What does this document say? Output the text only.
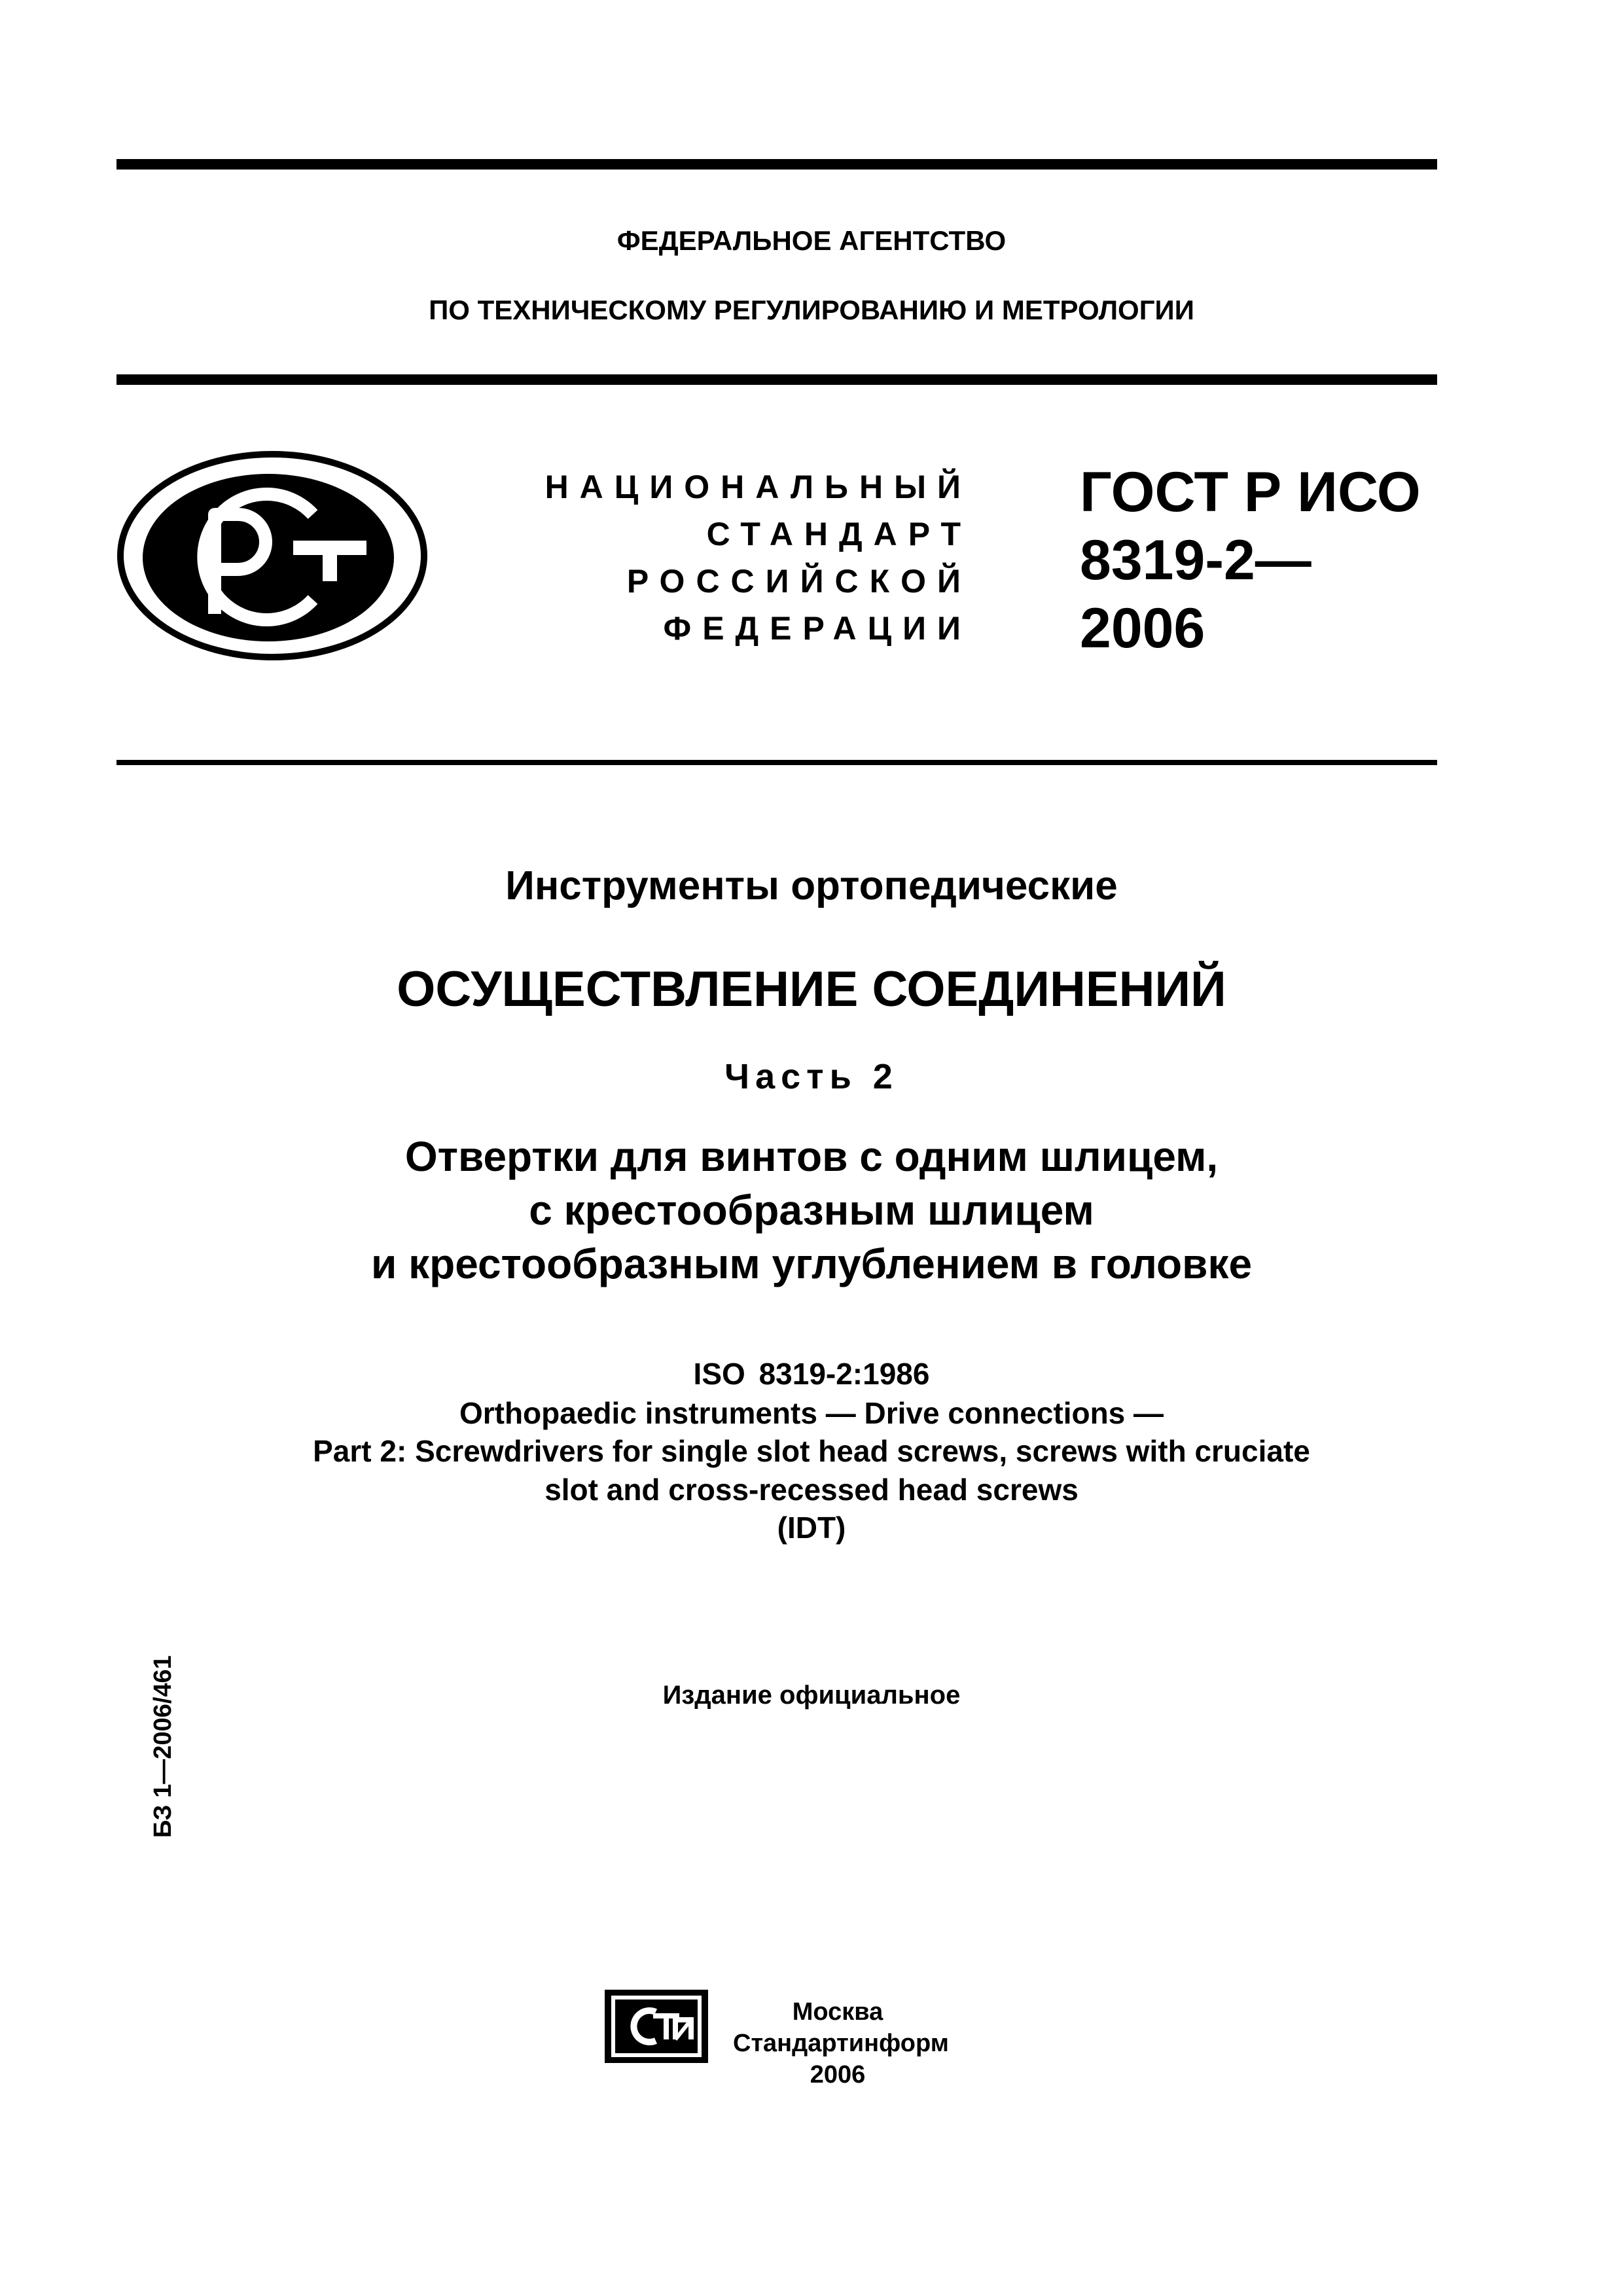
ФЕДЕРАЛЬНОЕ АГЕНТСТВО
ПО ТЕХНИЧЕСКОМУ РЕГУЛИРОВАНИЮ И МЕТРОЛОГИИ
НАЦИОНАЛЬНЫЙ
СТАНДАРТ
РОССИЙСКОЙ
ФЕДЕРАЦИИ
ГОСТ Р ИСО
8319-2—
2006
Инструменты ортопедические
ОСУЩЕСТВЛЕНИЕ СОЕДИНЕНИЙ
Часть 2
Отвертки для винтов с одним шлицем,
с крестообразным шлицем
и крестообразным углублением в головке
ISO 8319-2:1986
Orthopaedic instruments — Drive connections —
Part 2: Screwdrivers for single slot head screws, screws with cruciate
slot and cross-recessed head screws
(IDT)
Издание официальное
БЗ 1—2006/461
Москва
Стандартинформ
2006
